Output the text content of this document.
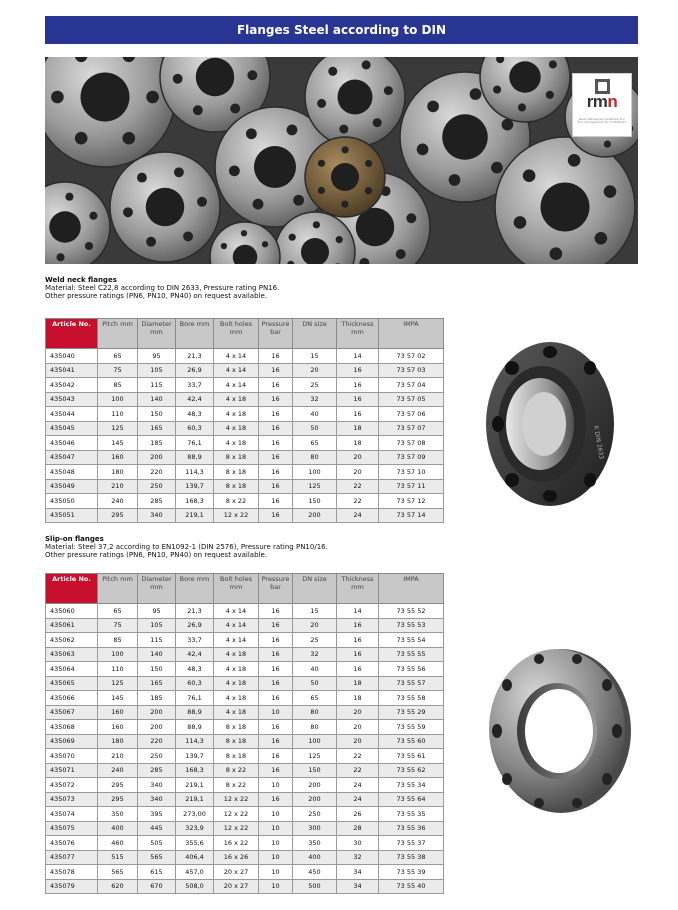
Flanges Steel according to DIN
rmn
Ready Management Rotterdam N.V. Ihre Lösungspartner für Schiffsbedarf
Weld neck flanges
Material: Steel C22,8 according to DIN 2633, Pressure rating PN16.
Other pressure ratings (PN6, PN10, PN40) on request available.
Article No.	Pitch mm	Diameter mm	Bore mm	Bolt holes mm	Pressure bar	DN size	Thickness mm	IMPA
435040	65	95	21,3	4 x 14	16	15	14	73 57 02
435041	75	105	26,9	4 x 14	16	20	16	73 57 03
435042	85	115	33,7	4 x 14	16	25	16	73 57 04
435043	100	140	42,4	4 x 18	16	32	16	73 57 05
435044	110	150	48,3	4 x 18	16	40	16	73 57 06
435045	125	165	60,3	4 x 18	16	50	18	73 57 07
435046	145	185	76,1	4 x 18	16	65	18	73 57 08
435047	160	200	88,9	8 x 18	16	80	20	73 57 09
435048	180	220	114,3	8 x 18	16	100	20	73 57 10
435049	210	250	139,7	8 x 18	16	125	22	73 57 11
435050	240	285	168,3	8 x 22	16	150	22	73 57 12
435051	295	340	219,1	12 x 22	16	200	24	73 57 14
Slip-on flanges
Material: Steel 37,2 according to EN1092-1 (DIN 2576), Pressure rating PN10/16.
Other pressure ratings (PN6, PN10, PN40) on request available.
Article No.	Pitch mm	Diameter mm	Bore mm	Bolt holes mm	Pressure bar	DN size	Thickness mm	IMPA
435060	65	95	21,3	4 x 14	16	15	14	73 55 52
435061	75	105	26,9	4 x 14	16	20	16	73 55 53
435062	85	115	33,7	4 x 14	16	25	16	73 55 54
435063	100	140	42,4	4 x 18	16	32	16	73 55 55
435064	110	150	48,3	4 x 18	16	40	16	73 55 56
435065	125	165	60,3	4 x 18	16	50	18	73 55 57
435066	145	185	76,1	4 x 18	16	65	18	73 55 58
435067	160	200	88,9	4 x 18	10	80	20	73 55 29
435068	160	200	88,9	8 x 18	16	80	20	73 55 59
435069	180	220	114,3	8 x 18	16	100	20	73 55 60
435070	210	250	139,7	8 x 18	16	125	22	73 55 61
435071	240	285	168,3	8 x 22	16	150	22	73 55 62
435072	295	340	219,1	8 x 22	10	200	24	73 55 34
435073	295	340	219,1	12 x 22	16	200	24	73 55 64
435074	350	395	273,00	12 x 22	10	250	26	73 55 35
435075	400	445	323,9	12 x 22	10	300	28	73 55 36
435076	460	505	355,6	16 x 22	10	350	30	73 55 37
435077	515	565	406,4	16 x 26	10	400	32	73 55 38
435078	565	615	457,0	20 x 27	10	450	34	73 55 39
435079	620	670	508,0	20 x 27	10	500	34	73 55 40
K DIN 2633
